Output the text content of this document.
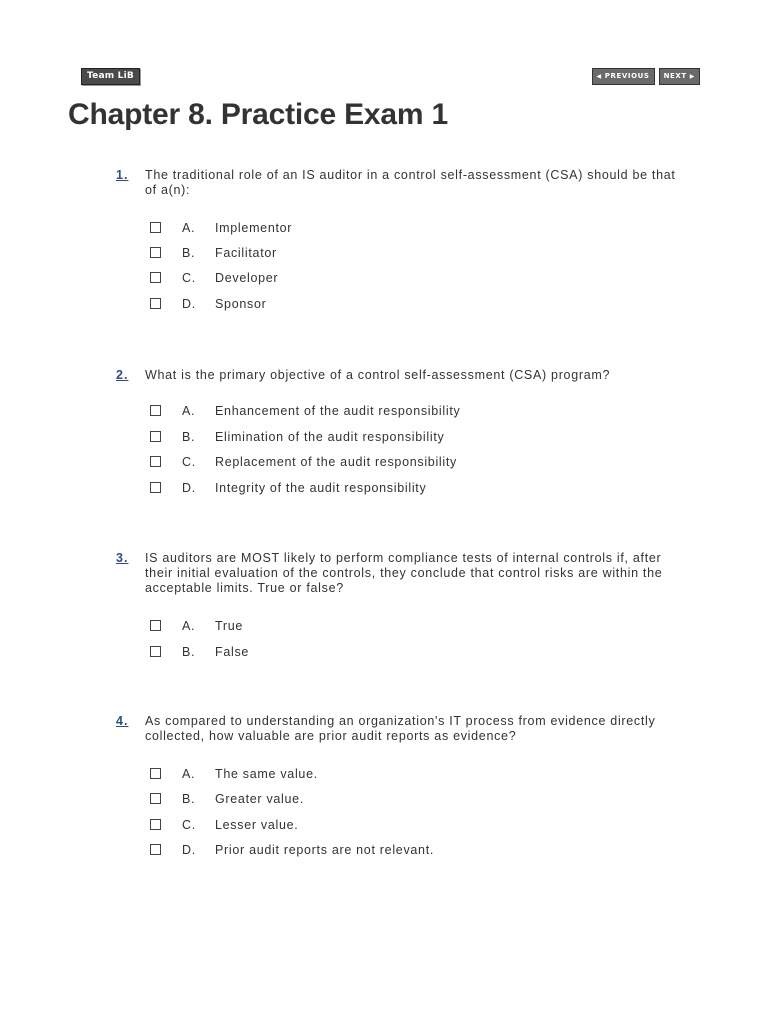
Team LiB	◀ PREVIOUS NEXT ▶
Chapter 8. Practice Exam 1
1. The traditional role of an IS auditor in a control self-assessment (CSA) should be that of a(n):
A. Implementor
B. Facilitator
C. Developer
D. Sponsor
2. What is the primary objective of a control self-assessment (CSA) program?
A. Enhancement of the audit responsibility
B. Elimination of the audit responsibility
C. Replacement of the audit responsibility
D. Integrity of the audit responsibility
3. IS auditors are MOST likely to perform compliance tests of internal controls if, after their initial evaluation of the controls, they conclude that control risks are within the acceptable limits. True or false?
A. True
B. False
4. As compared to understanding an organization's IT process from evidence directly collected, how valuable are prior audit reports as evidence?
A. The same value.
B. Greater value.
C. Lesser value.
D. Prior audit reports are not relevant.
